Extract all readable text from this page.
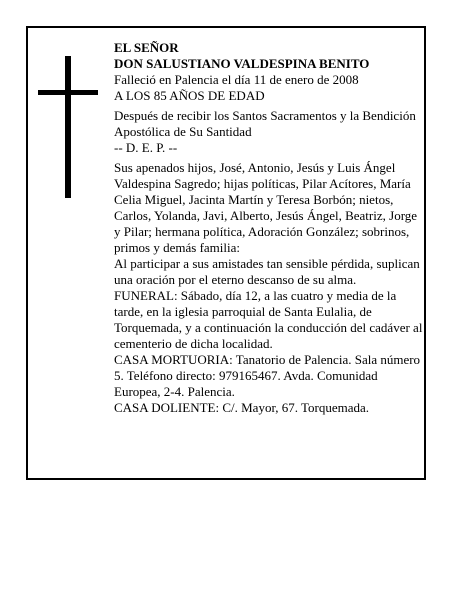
EL SEÑOR

DON SALUSTIANO VALDESPINA BENITO

Falleció en Palencia el día 11 de enero de 2008

A LOS 85 AÑOS DE EDAD

Después de recibir los Santos Sacramentos y la Bendición Apostólica de Su Santidad

-- D. E. P. --

Sus apenados hijos, José, Antonio, Jesús y Luis Ángel Valdespina Sagredo; hijas políticas, Pilar Acítores, María Celia Miguel, Jacinta Martín y Teresa Borbón; nietos, Carlos, Yolanda, Javi, Alberto, Jesús Ángel, Beatriz, Jorge y Pilar; hermana política, Adoración González; sobrinos, primos y demás familia:

Al participar a sus amistades tan sensible pérdida, suplican una oración por el eterno descanso de su alma.

FUNERAL: Sábado, día 12, a las cuatro y media de la tarde, en la iglesia parroquial de Santa Eulalia, de Torquemada, y a continuación la conducción del cadáver al cementerio de dicha localidad.

CASA MORTUORIA: Tanatorio de Palencia. Sala número 5. Teléfono directo: 979165467. Avda. Comunidad Europea, 2-4. Palencia.

CASA DOLIENTE: C/. Mayor, 67. Torquemada.
